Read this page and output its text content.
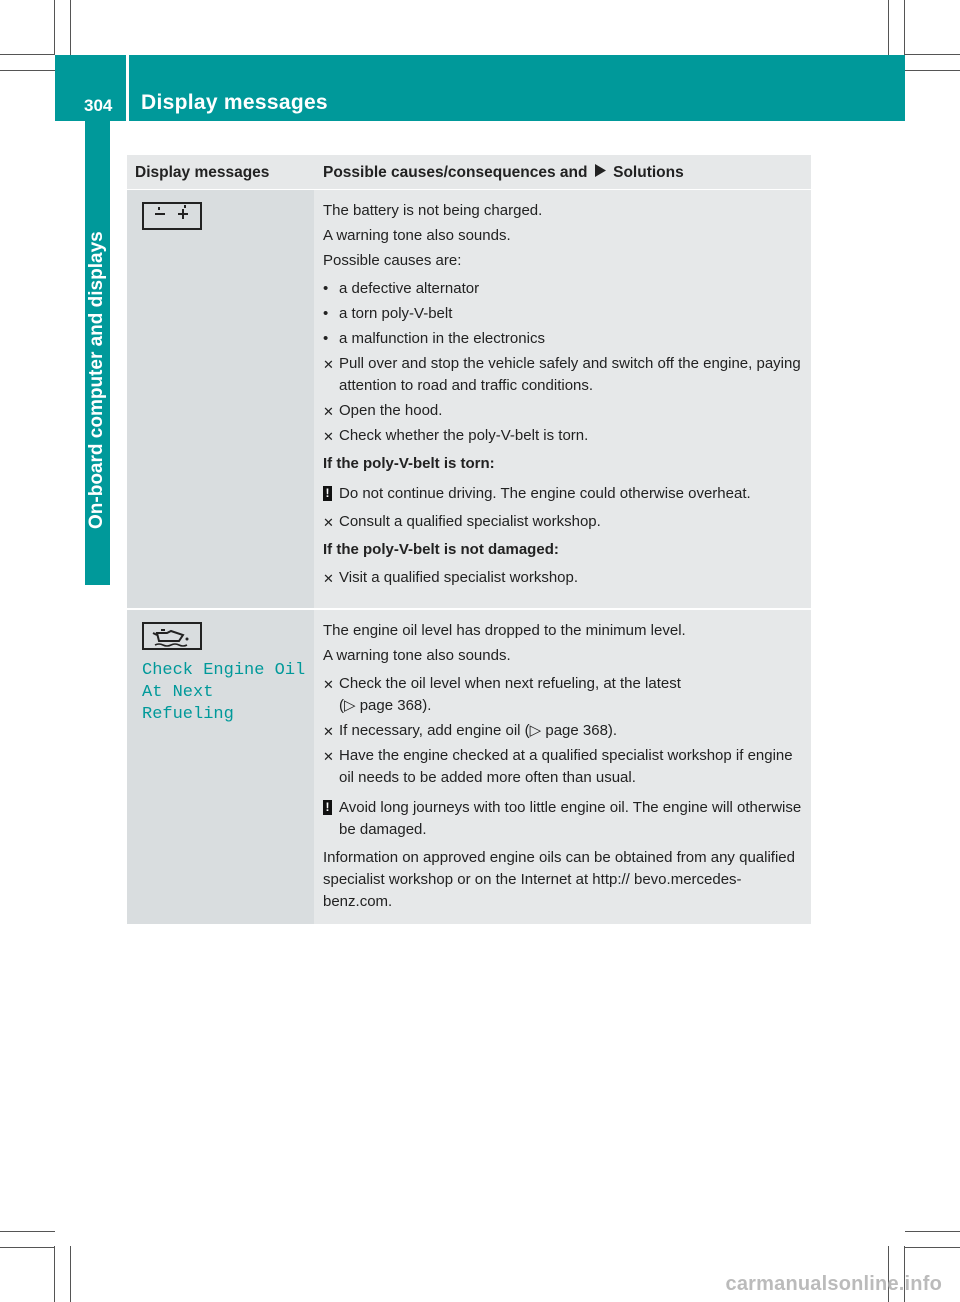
304 Display messages
On-board computer and displays
Display messages	Possible causes/consequences and Solutions

The battery is not being charged.

A warning tone also sounds.

Possible causes are:

• a defective alternator
• a torn poly-V-belt
• a malfunction in the electronics
✕ Pull over and stop the vehicle safely and switch off the engine, paying attention to road and traffic conditions.
✕ Open the hood.
✕ Check whether the poly-V-belt is torn.

If the poly-V-belt is torn:

! Do not continue driving. The engine could otherwise overheat.
✕ Consult a qualified specialist workshop.

If the poly-V-belt is not damaged:

✕ Visit a qualified specialist workshop.
Check Engine Oil
At Next Refueling

The engine oil level has dropped to the minimum level.

A warning tone also sounds.

✕ Check the oil level when next refueling, at the latest
(▷ page 368).
✕ If necessary, add engine oil (▷ page 368).
✕ Have the engine checked at a qualified specialist workshop if engine oil needs to be added more often than usual.
! Avoid long journeys with too little engine oil. The engine will otherwise be damaged.

Information on approved engine oils can be obtained from any qualified specialist workshop or on the Internet at http:// bevo.mercedes-benz.com.

carmanualsonline.info
